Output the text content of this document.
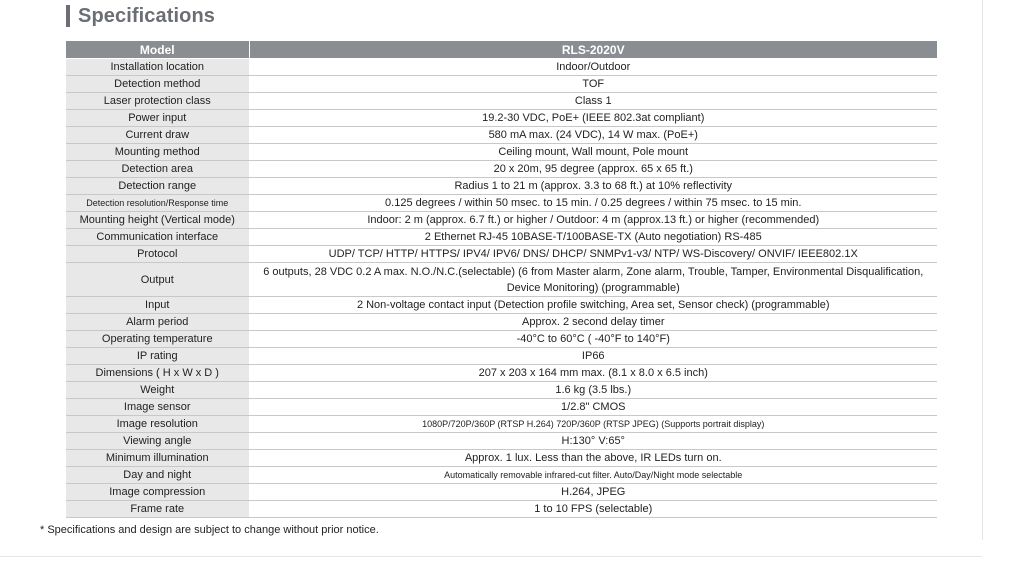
Specifications
Model	RLS-2020V
Installation location	Indoor/Outdoor
Detection method	TOF
Laser protection class	Class 1
Power input	19.2-30 VDC, PoE+ (IEEE 802.3at compliant)
Current draw	580 mA max. (24 VDC), 14 W max. (PoE+)
Mounting method	Ceiling mount, Wall mount, Pole mount
Detection area	20 x 20m, 95 degree (approx. 65 x 65 ft.)
Detection range	Radius 1 to 21 m (approx. 3.3 to 68 ft.) at 10% reflectivity
Detection resolution/Response time	0.125 degrees / within 50 msec. to 15 min. / 0.25 degrees / within 75 msec. to 15 min.
Mounting height (Vertical mode)	Indoor: 2 m (approx. 6.7 ft.) or higher / Outdoor: 4 m (approx.13 ft.) or higher (recommended)
Communication interface	2 Ethernet RJ-45 10BASE-T/100BASE-TX (Auto negotiation) RS-485
Protocol	UDP/ TCP/ HTTP/ HTTPS/ IPV4/ IPV6/ DNS/ DHCP/ SNMPv1-v3/ NTP/ WS-Discovery/ ONVIF/ IEEE802.1X
Output	6 outputs, 28 VDC 0.2 A max. N.O./N.C.(selectable) (6 from Master alarm, Zone alarm, Trouble, Tamper, Environmental Disqualification, Device Monitoring) (programmable)
Input	2 Non-voltage contact input (Detection profile switching, Area set, Sensor check) (programmable)
Alarm period	Approx. 2 second delay timer
Operating temperature	-40°C to 60°C ( -40°F to 140°F)
IP rating	IP66
Dimensions ( H x W x D )	207 x 203 x 164 mm max. (8.1 x 8.0 x 6.5 inch)
Weight	1.6 kg (3.5 lbs.)
Image sensor	1/2.8" CMOS
Image resolution	1080P/720P/360P (RTSP H.264) 720P/360P (RTSP JPEG) (Supports portrait display)
Viewing angle	H:130° V:65°
Minimum illumination	Approx. 1 lux. Less than the above, IR LEDs turn on.
Day and night	Automatically removable infrared-cut filter. Auto/Day/Night mode selectable
Image compression	H.264, JPEG
Frame rate	1 to 10 FPS (selectable)
* Specifications and design are subject to change without prior notice.
